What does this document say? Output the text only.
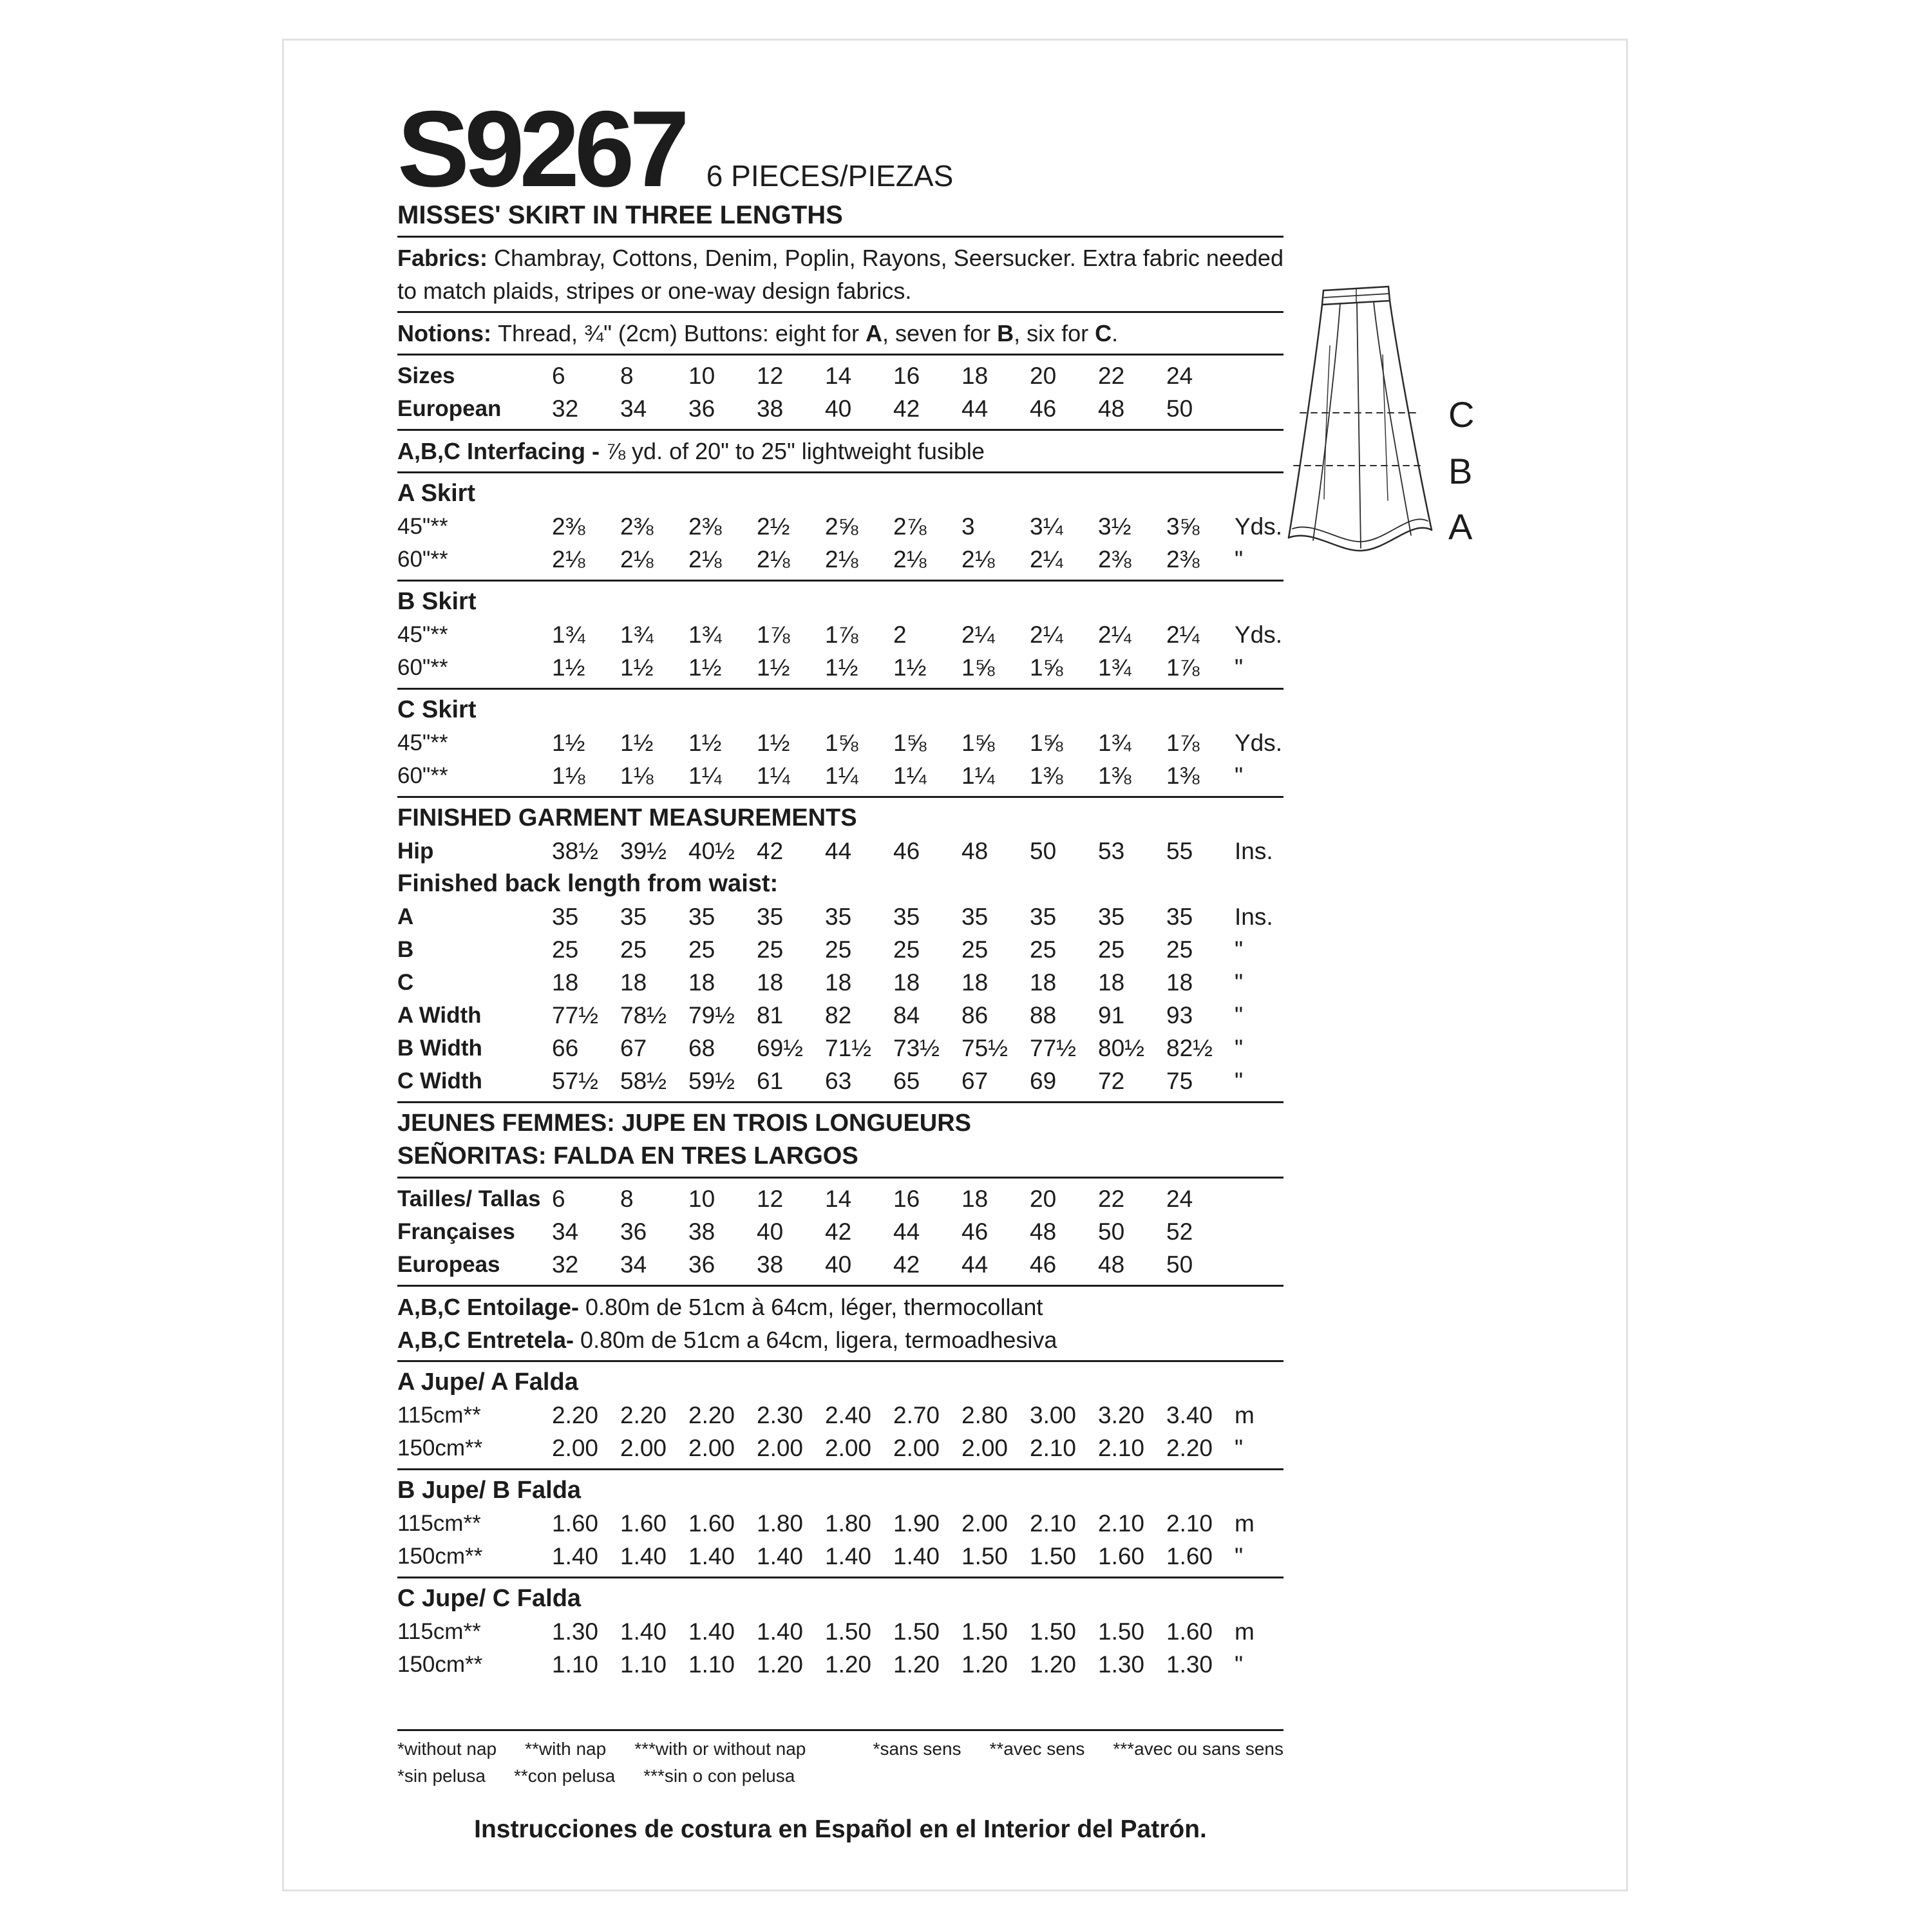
S9267 6 PIECES/PIEZAS
MISSES' SKIRT IN THREE LENGTHS
Fabrics: Chambray, Cottons, Denim, Poplin, Rayons, Seersucker. Extra fabric needed to match plaids, stripes or one-way design fabrics.
Notions: Thread, ¾" (2cm) Buttons: eight for A, seven for B, six for C.
Sizes	6	8	10	12	14	16	18	20	22	24
European	32	34	36	38	40	42	44	46	48	50
A,B,C Interfacing - ⅞ yd. of 20" to 25" lightweight fusible
A Skirt
45"**	2⅜	2⅜	2⅜	2½	2⅝	2⅞	3	3¼	3½	3⅝	Yds.
60"**	2⅛	2⅛	2⅛	2⅛	2⅛	2⅛	2⅛	2¼	2⅜	2⅜	"
B Skirt
45"**	1¾	1¾	1¾	1⅞	1⅞	2	2¼	2¼	2¼	2¼	Yds.
60"**	1½	1½	1½	1½	1½	1½	1⅝	1⅝	1¾	1⅞	"
C Skirt
45"**	1½	1½	1½	1½	1⅝	1⅝	1⅝	1⅝	1¾	1⅞	Yds.
60"**	1⅛	1⅛	1¼	1¼	1¼	1¼	1¼	1⅜	1⅜	1⅜	"
FINISHED GARMENT MEASUREMENTS
Hip	38½ 39½ 40½ 42	44	46	48	50	53	55	Ins.
Finished back length from waist:
A	35	35	35	35	35	35	35	35	35	35	Ins.
B	25	25	25	25	25	25	25	25	25	25	"
C	18	18	18	18	18	18	18	18	18	18	"
A Width	77½ 78½ 79½ 81	82	84	86	88	91	93	"
B Width	66	67	68	69½ 71½ 73½ 75½ 77½ 80½ 82½ "
C Width	57½ 58½ 59½ 61	63	65	67	69	72	75	"
JEUNES FEMMES: JUPE EN TROIS LONGUEURS
SEÑORITAS: FALDA EN TRES LARGOS
Tailles/ Tallas 6	8	10	12	14	16	18	20	22	24
Françaises	34	36	38	40	42	44	46	48	50	52
Europeas	32	34	36	38	40	42	44	46	48	50
A,B,C Entoilage- 0.80m de 51cm à 64cm, léger, thermocollant
A,B,C Entretela- 0.80m de 51cm a 64cm, ligera, termoadhesiva
A Jupe/ A Falda
115cm**	2.20 2.20 2.20 2.30 2.40 2.70 2.80 3.00 3.20 3.40 m
150cm**	2.00 2.00 2.00 2.00 2.00 2.00 2.00 2.10 2.10 2.20 "
B Jupe/ B Falda
115cm**	1.60 1.60 1.60 1.80 1.80 1.90 2.00 2.10 2.10 2.10 m
150cm**	1.40 1.40 1.40 1.40 1.40 1.40 1.50 1.50 1.60 1.60 "
C Jupe/ C Falda
115cm**	1.30 1.40 1.40 1.40 1.50 1.50 1.50 1.50 1.50 1.60 m
150cm**	1.10 1.10 1.10 1.20 1.20 1.20 1.20 1.20 1.30 1.30 "
*without nap **with nap ***with or without nap	*sans sens **avec sens ***avec ou sans sens
*sin pelusa **con pelusa ***sin o con pelusa
Instrucciones de costura en Español en el Interior del Patrón.
C
B
A
